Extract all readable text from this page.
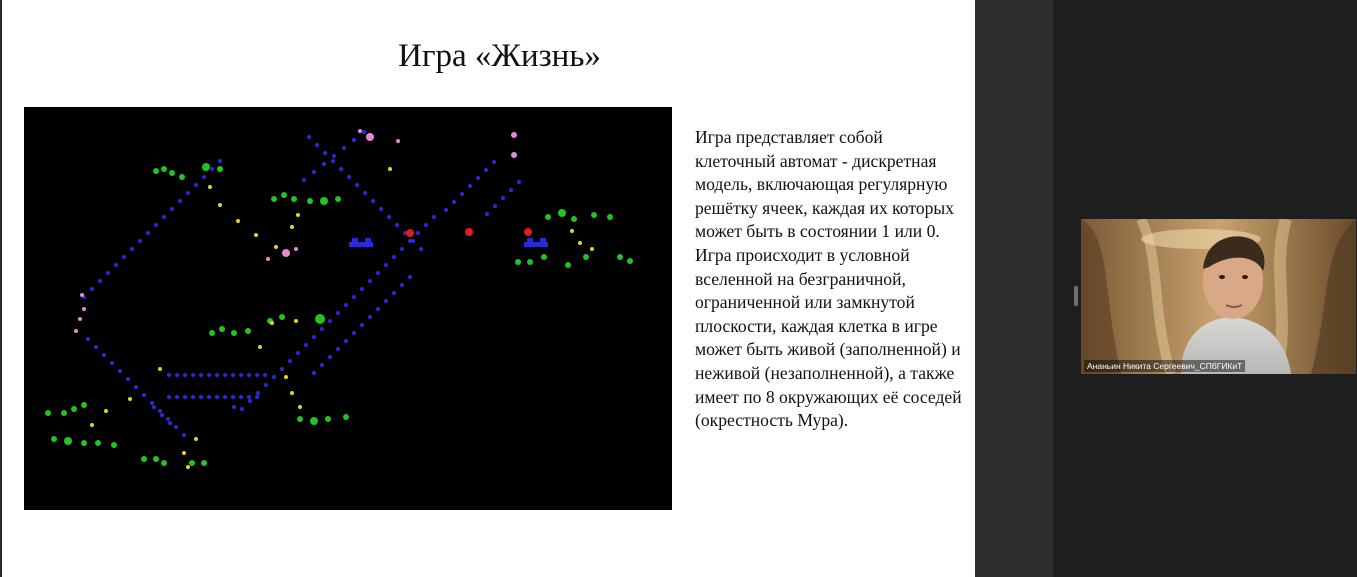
Игра «Жизнь»
Игра представляет собой клеточный автомат - дискретная модель, включающая регулярную решётку ячеек, каждая их которых может быть в состоянии 1 или 0. Игра происходит в условной вселенной на безграничной, ограниченной или замкнутой плоскости, каждая клетка в игре может быть живой (заполненной) и неживой (незаполненной), а также имеет по 8 окружающих её соседей (окрестность Мура).
Ананьин Никита Сергеевич_СПбГИКиТ
